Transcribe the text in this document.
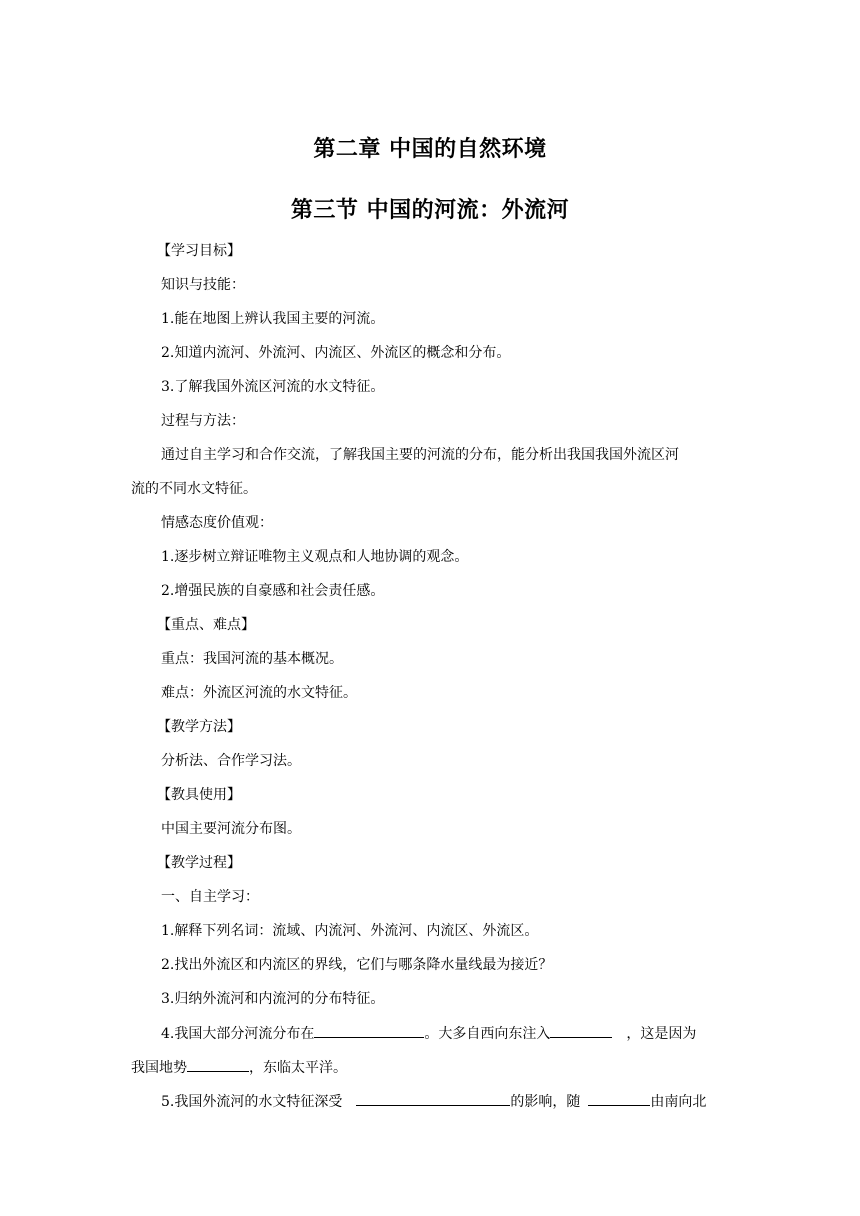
第二章 中国的自然环境
第三节 中国的河流：外流河
【学习目标】
知识与技能：
1.能在地图上辨认我国主要的河流。
2.知道内流河、外流河、内流区、外流区的概念和分布。
3.了解我国外流区河流的水文特征。
过程与方法：
通过自主学习和合作交流，了解我国主要的河流的分布，能分析出我国我国外流区河
流的不同水文特征。
情感态度价值观：
1.逐步树立辩证唯物主义观点和人地协调的观念。
2.增强民族的自豪感和社会责任感。
【重点、难点】
重点：我国河流的基本概况。
难点：外流区河流的水文特征。
【教学方法】
分析法、合作学习法。
【教具使用】
中国主要河流分布图。
【教学过程】
一、自主学习：
1.解释下列名词：流域、内流河、外流河、内流区、外流区。
2.找出外流区和内流区的界线，它们与哪条降水量线最为接近？
3.归纳外流河和内流河的分布特征。
4.我国大部分河流分布在	。大多自西向东注入	，这是因为
我国地势	，东临太平洋。
5.我国外流河的水文特征深受	的影响，随	由南向北
